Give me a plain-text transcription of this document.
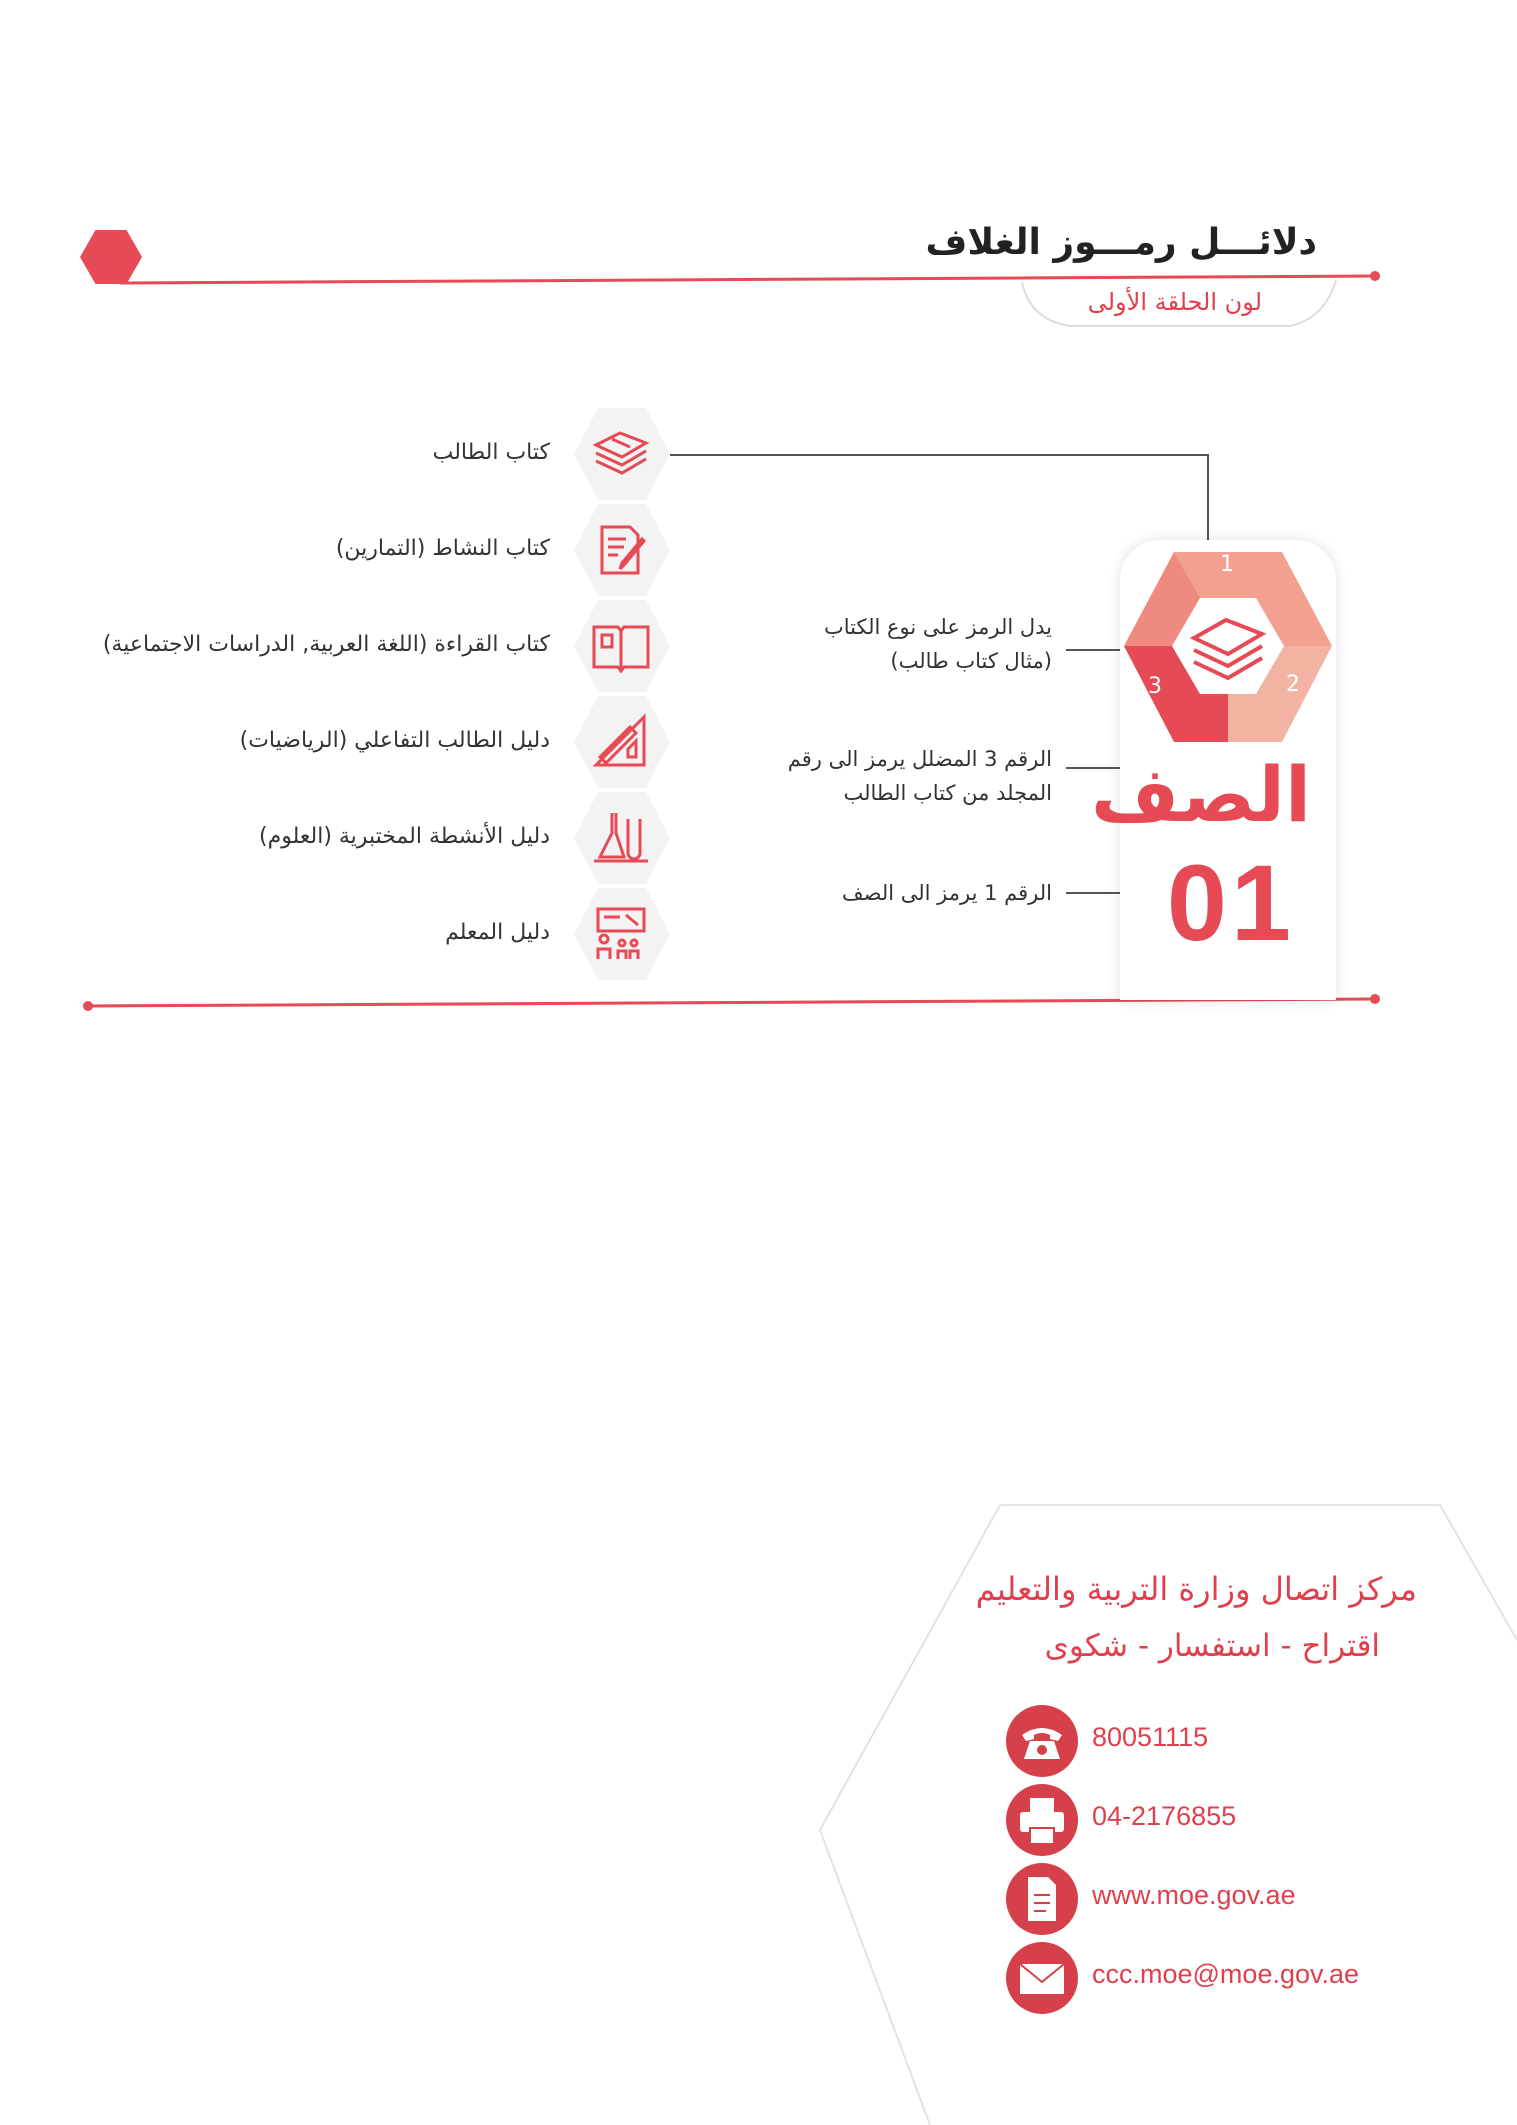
دلائـــل رمـــوز الغلاف
لون الحلقة الأولى
كتاب الطالب
كتاب النشاط (التمارين)
كتاب القراءة (اللغة العربية, الدراسات الاجتماعية)
دليل الطالب التفاعلي (الرياضيات)
دليل الأنشطة المختبرية (العلوم)
دليل المعلم
1
2
3
الصف
01
يدل الرمز على نوع الكتاب
(مثال كتاب طالب)
الرقم 3 المضلل يرمز الى رقم
المجلد من كتاب الطالب
الرقم 1 يرمز الى الصف
مركز اتصال وزارة التربية والتعليم
اقتراح - استفسار - شكوى
80051115
04-2176855
www.moe.gov.ae
ccc.moe@moe.gov.ae
